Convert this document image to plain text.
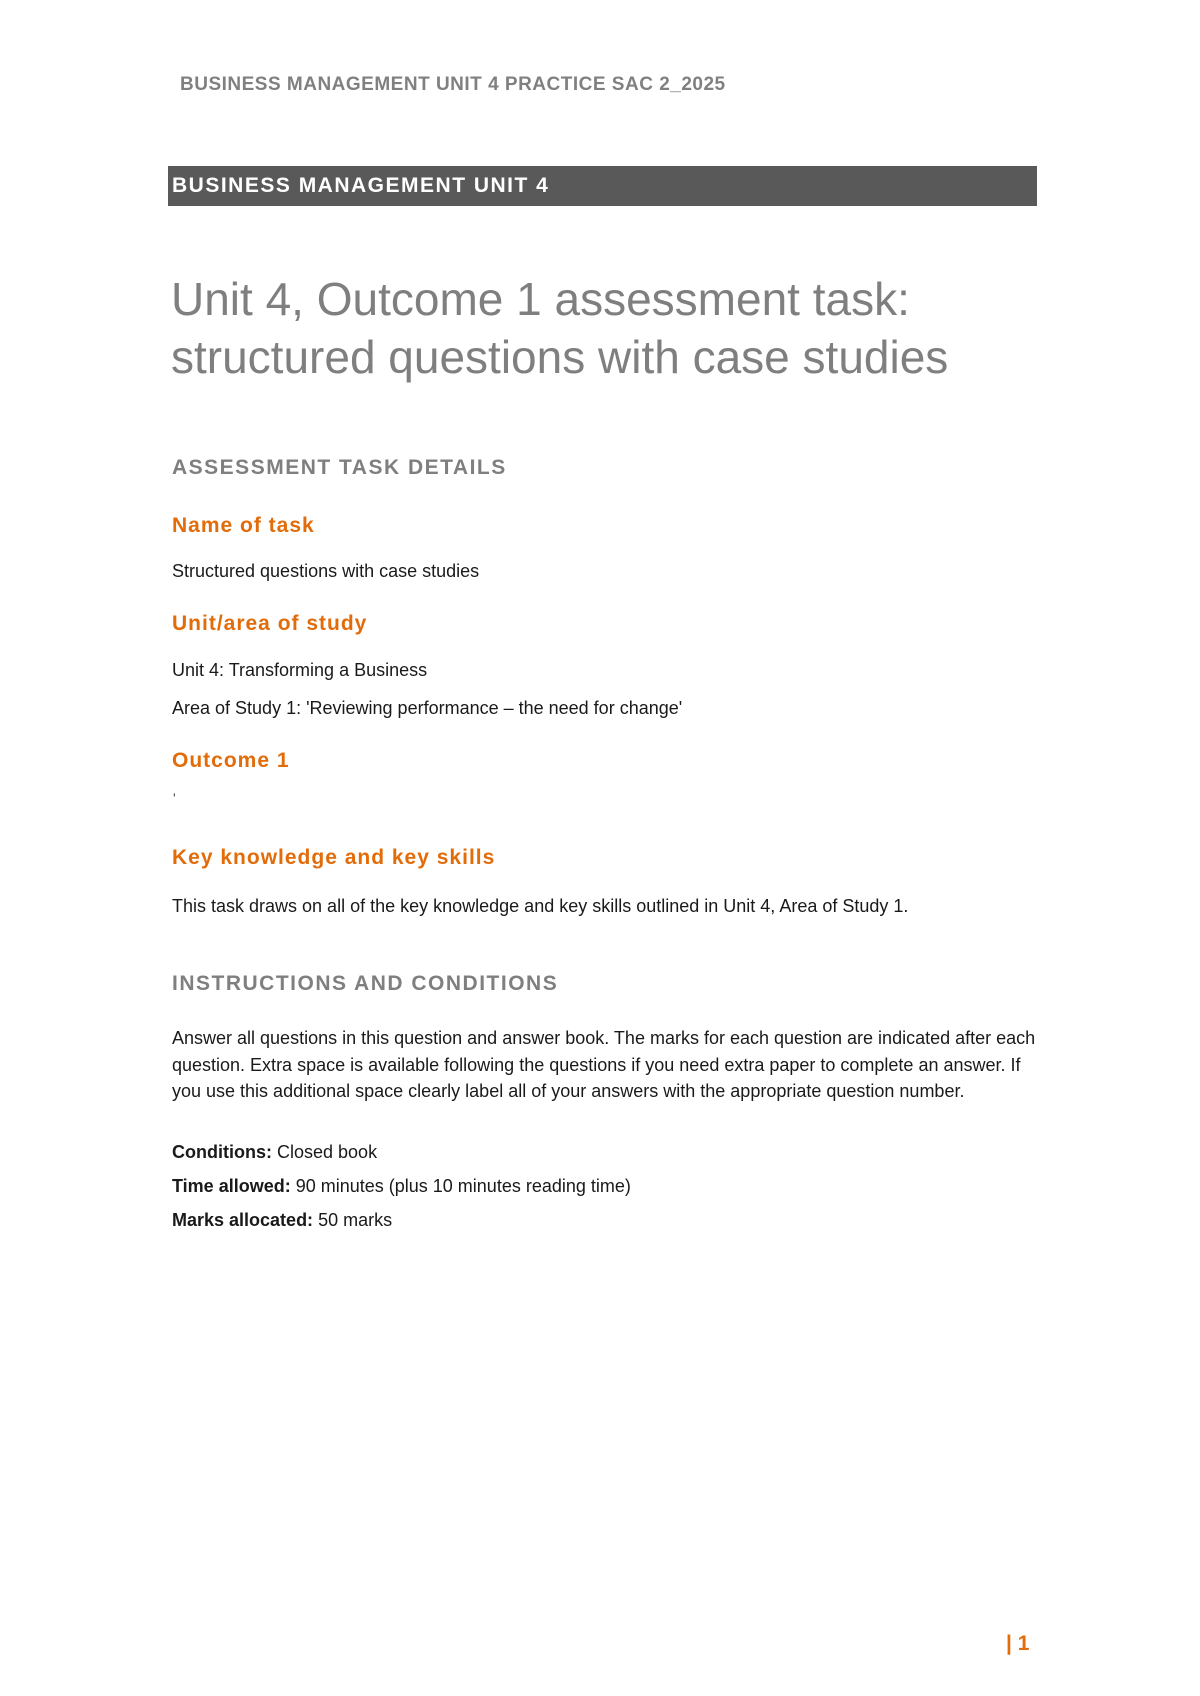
BUSINESS MANAGEMENT UNIT 4 PRACTICE SAC 2_2025
BUSINESS MANAGEMENT UNIT 4
Unit 4, Outcome 1 assessment task:
structured questions with case studies
ASSESSMENT TASK DETAILS
Name of task
Structured questions with case studies
Unit/area of study
Unit 4: Transforming a Business
Area of Study 1: 'Reviewing performance – the need for change'
Outcome 1
'
Key knowledge and key skills
This task draws on all of the key knowledge and key skills outlined in Unit 4, Area of Study 1.
INSTRUCTIONS AND CONDITIONS
Answer all questions in this question and answer book. The marks for each question are indicated after each question. Extra space is available following the questions if you need extra paper to complete an answer. If you use this additional space clearly label all of your answers with the appropriate question number.
Conditions: Closed book
Time allowed: 90 minutes (plus 10 minutes reading time)
Marks allocated: 50 marks
| 1
